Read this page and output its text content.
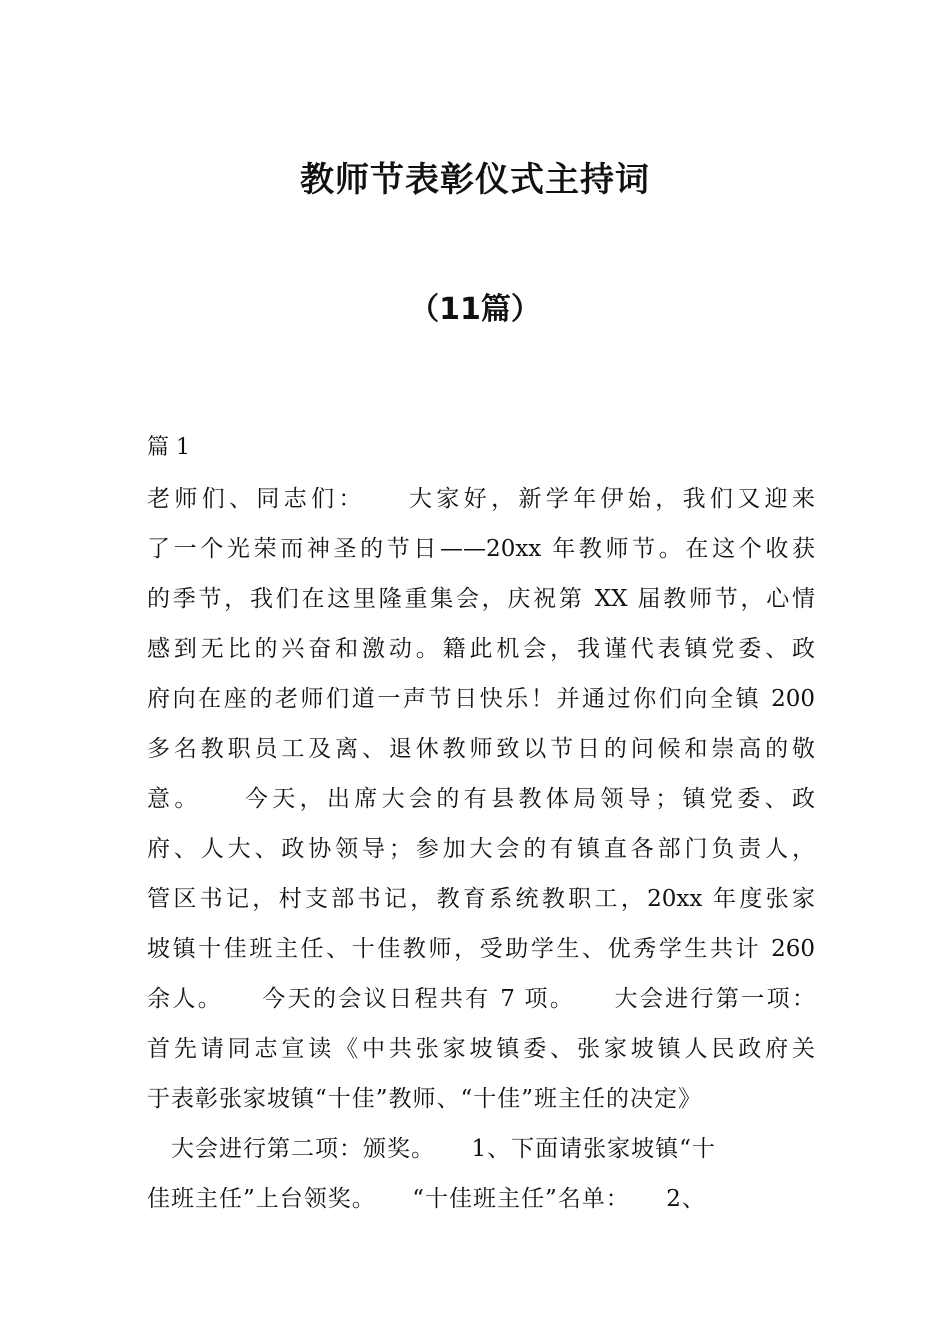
教师节表彰仪式主持词
（11篇）
篇 1
老师们、同志们：　　大家好，新学年伊始，我们又迎来
了一个光荣而神圣的节日——20xx 年教师节。在这个收获
的季节，我们在这里隆重集会，庆祝第 XX 届教师节，心情
感到无比的兴奋和激动。籍此机会，我谨代表镇党委、政
府向在座的老师们道一声节日快乐！并通过你们向全镇 200
多名教职员工及离、退休教师致以节日的问候和崇高的敬
意。　　今天，出席大会的有县教体局领导；镇党委、政
府、人大、政协领导；参加大会的有镇直各部门负责人，
管区书记，村支部书记，教育系统教职工，20xx 年度张家
坡镇十佳班主任、十佳教师，受助学生、优秀学生共计 260
余人。　　今天的会议日程共有 7 项。　　大会进行第一项：
首先请同志宣读《中共张家坡镇委、张家坡镇人民政府关
于表彰张家坡镇“十佳”教师、“十佳”班主任的决定》
　大会进行第二项：颁奖。　　1、下面请张家坡镇“十
佳班主任”上台领奖。　　“十佳班主任”名单：　　2、
